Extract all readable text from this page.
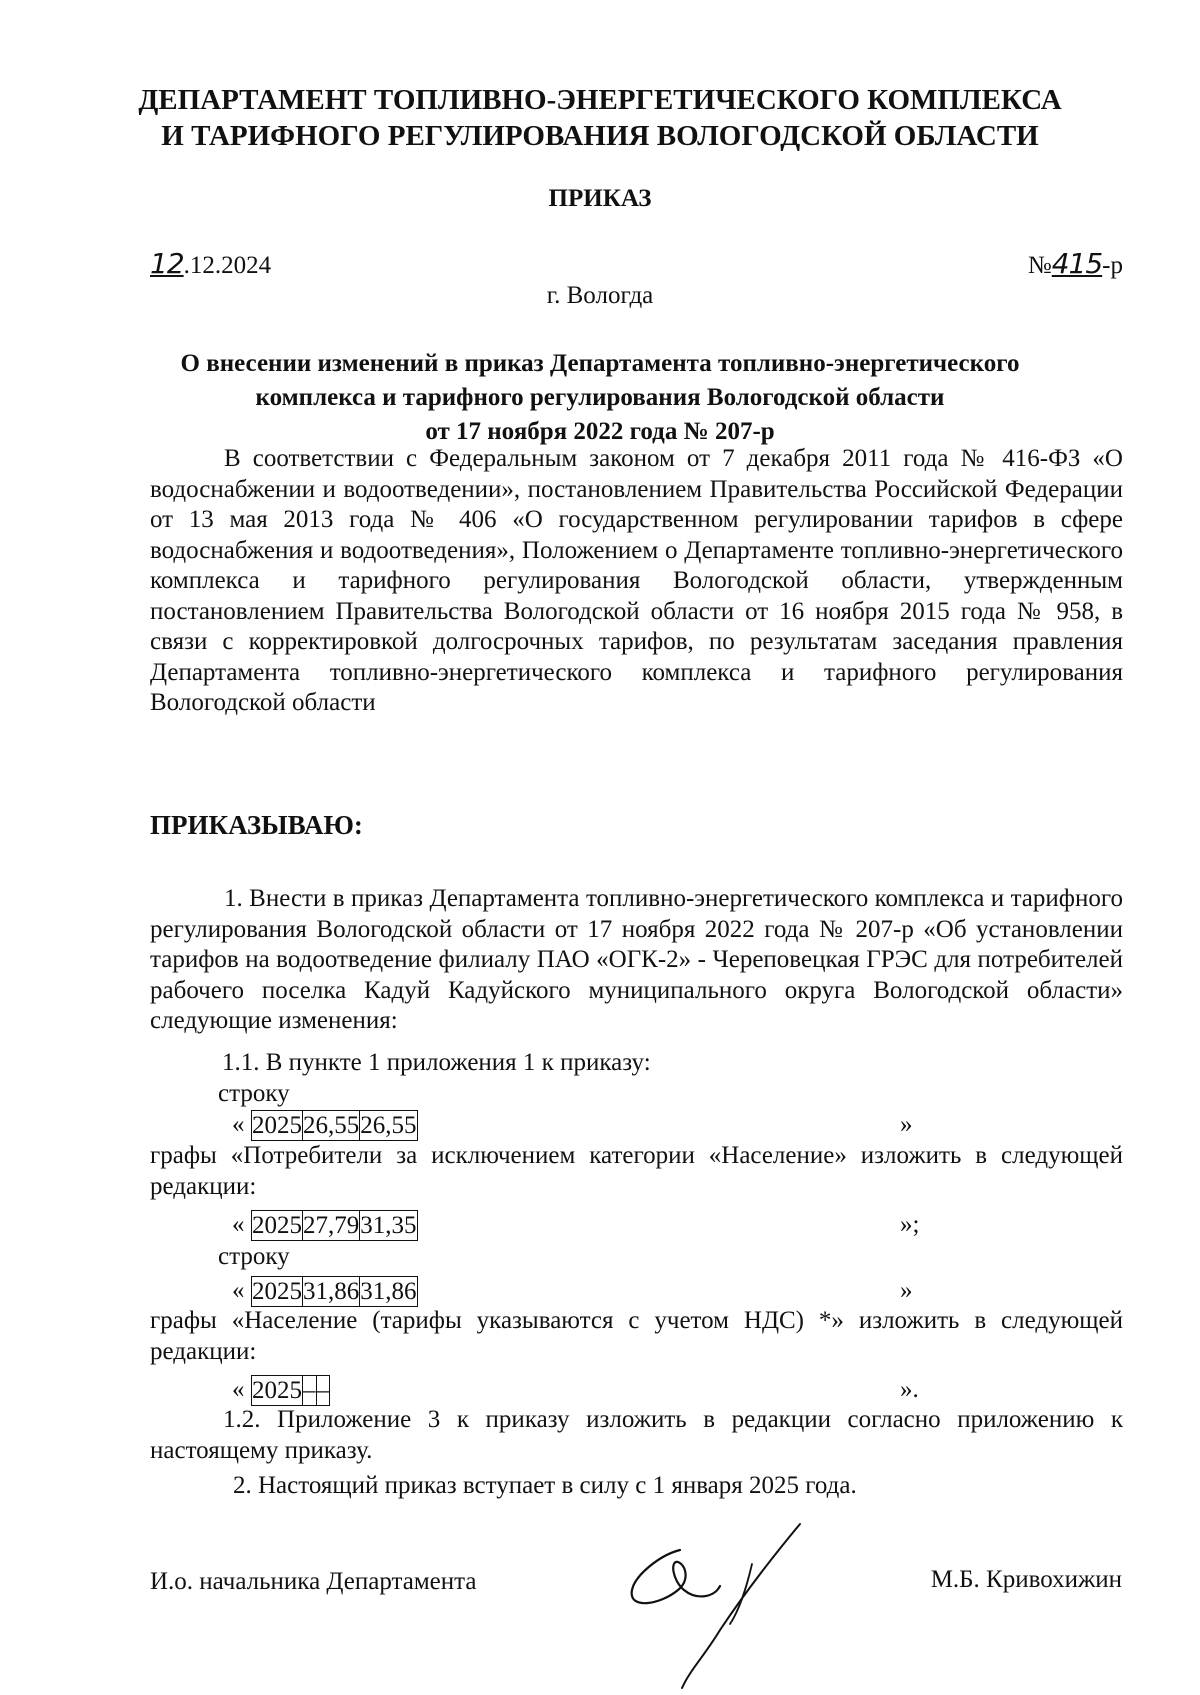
ДЕПАРТАМЕНТ ТОПЛИВНО-ЭНЕРГЕТИЧЕСКОГО КОМПЛЕКСА
И ТАРИФНОГО РЕГУЛИРОВАНИЯ ВОЛОГОДСКОЙ ОБЛАСТИ
ПРИКАЗ
12.12.2024	№415-р
г. Вологда
О внесении изменений в приказ Департамента топливно-энергетического
комплекса и тарифного регулирования Вологодской области
от 17 ноября 2022 года № 207-р

В соответствии с Федеральным законом от 7 декабря 2011 года № 416-ФЗ «О водоснабжении и водоотведении», постановлением Правительства Российской Федерации от 13 мая 2013 года № 406 «О государственном регулировании тарифов в сфере водоснабжения и водоотведения», Положением о Департаменте топливно-энергетического комплекса и тарифного регулирования Вологодской области, утвержденным постановлением Правительства Вологодской области от 16 ноября 2015 года № 958, в связи с корректировкой долгосрочных тарифов, по результатам заседания правления Департамента топливно-энергетического комплекса и тарифного регулирования Вологодской области

ПРИКАЗЫВАЮ:

1. Внести в приказ Департамента топливно-энергетического комплекса и тарифного регулирования Вологодской области от 17 ноября 2022 года № 207-р «Об установлении тарифов на водоотведение филиалу ПАО «ОГК-2» - Череповецкая ГРЭС для потребителей рабочего поселка Кадуй Кадуйского муниципального округа Вологодской области» следующие изменения:

1.1. В пункте 1 приложения 1 к приказу:
строку
« 2025	26,55	26,55	»

графы «Потребители за исключением категории «Население» изложить в следующей редакции:

« 2025	27,79	31,35	»;
строку
« 2025	31,86	31,86	»

графы «Население (тарифы указываются с учетом НДС) *» изложить в следующей редакции:

« 2025	–	–	».

1.2. Приложение 3 к приказу изложить в редакции согласно приложению к настоящему приказу.

2. Настоящий приказ вступает в силу с 1 января 2025 года.
И.о. начальника Департамента	М.Б. Кривохижин
